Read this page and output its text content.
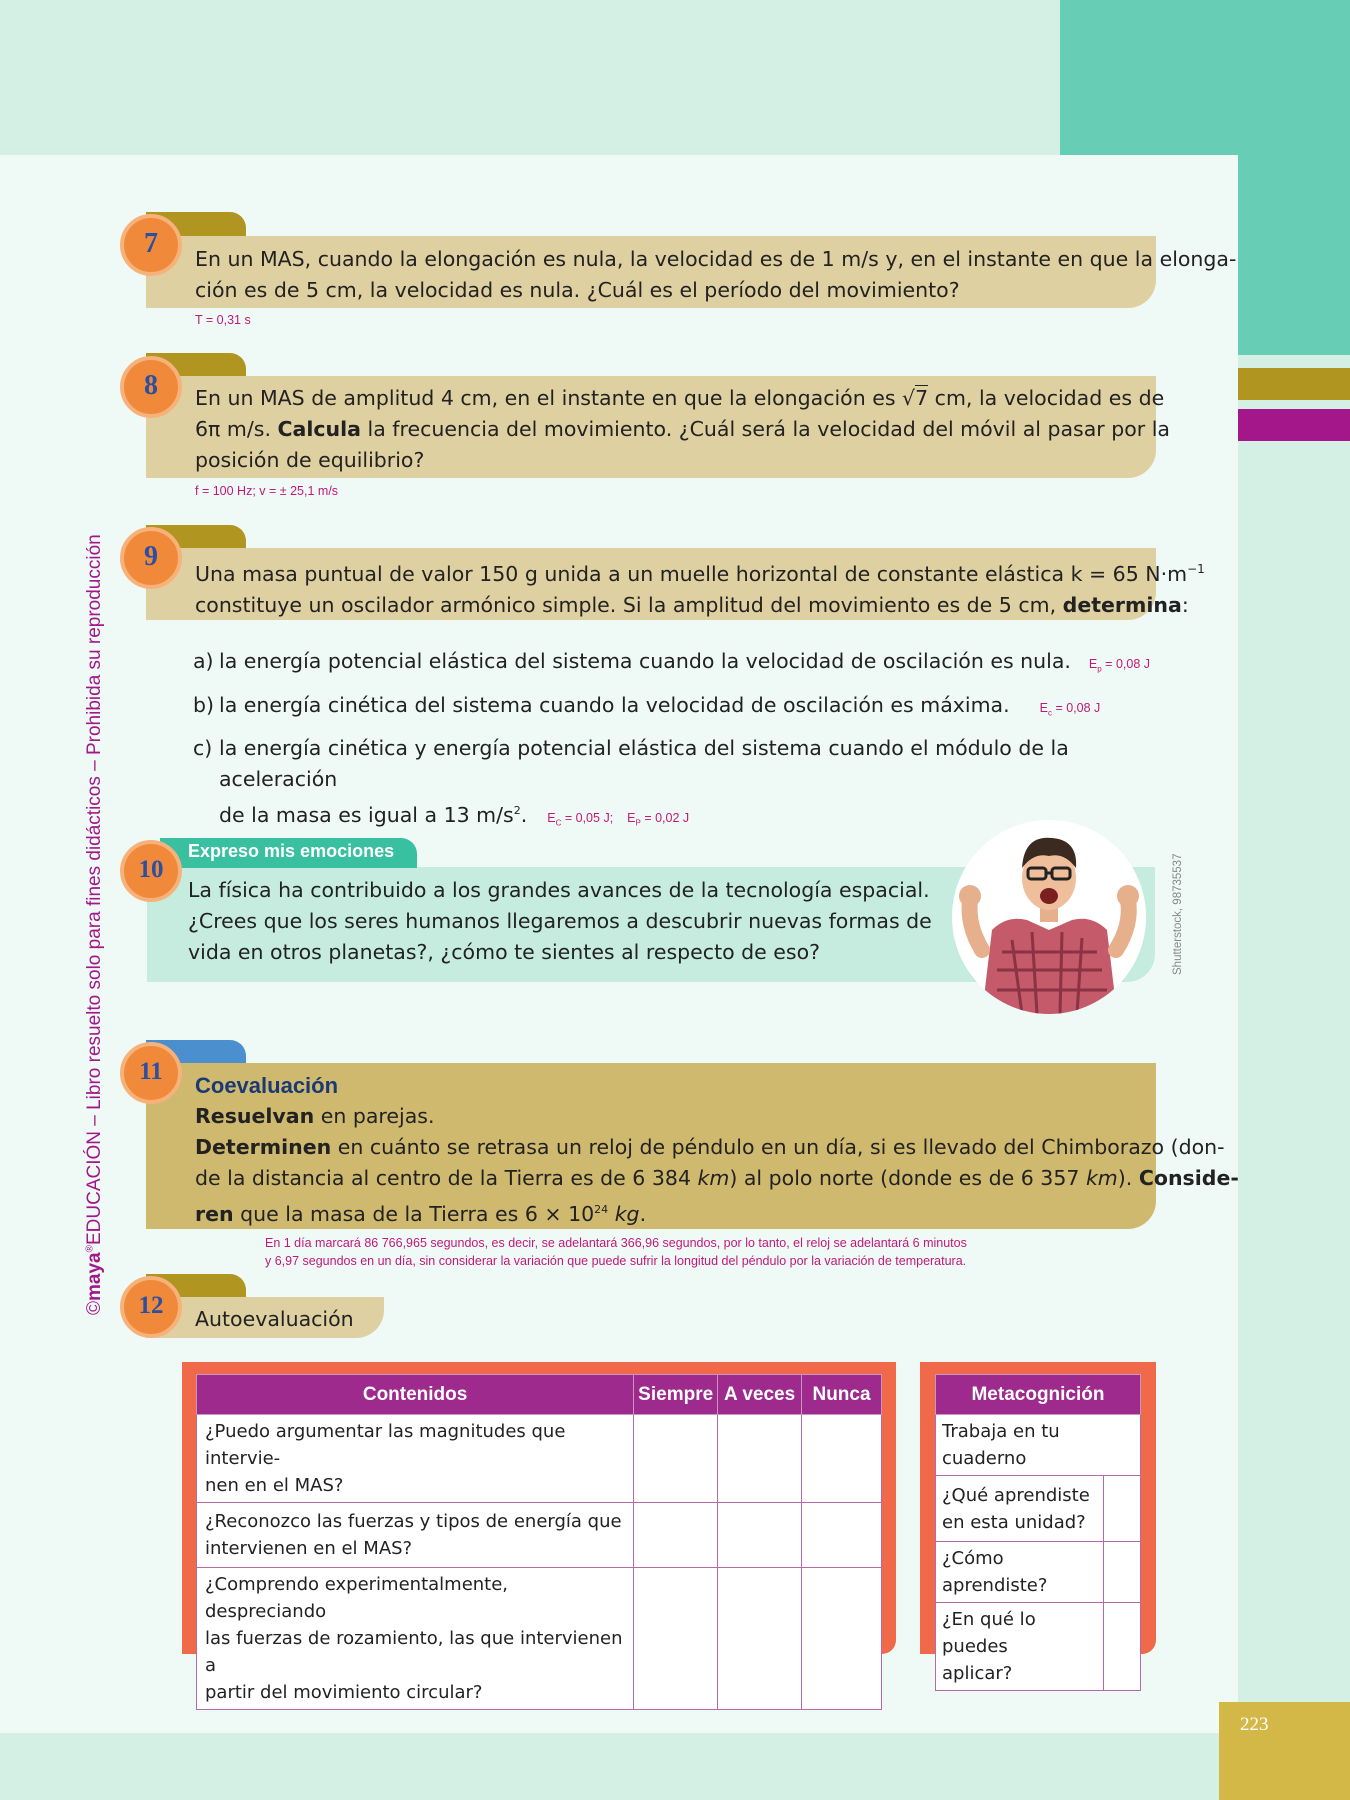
223
©maya®EDUCACIÓN – Libro resuelto solo para fines didácticos – Prohibida su reproducción
7	En un MAS, cuando la elongación es nula, la velocidad es de 1 m/s y, en el instante en que la elonga-
ción es de 5 cm, la velocidad es nula. ¿Cuál es el período del movimiento?
T = 0,31 s
8	En un MAS de amplitud 4 cm, en el instante en que la elongación es √7 cm, la velocidad es de
6π m/s. Calcula la frecuencia del movimiento. ¿Cuál será la velocidad del móvil al pasar por la
posición de equilibrio?
f = 100 Hz; v = ± 25,1 m/s
9
Una masa puntual de valor 150 g unida a un muelle horizontal de constante elástica k = 65 $N\cdot m^{-1}$
constituye un oscilador armónico simple. Si la amplitud del movimiento es de 5 cm, determina:
a) la energía potencial elástica del sistema cuando la velocidad de oscilación es nula. $E_p = 0,08$ J
b) la energía cinética del sistema cuando la velocidad de oscilación es máxima. $E_c = 0,08$ J
c) la energía cinética y energía potencial elástica del sistema cuando el módulo de la aceleración
de la masa es igual a 13 $m/s^2$. $E_C = 0,05$ J; $E_P = 0,02$ J
Expreso mis emociones
10
La física ha contribuido a los grandes avances de la tecnología espacial.
¿Crees que los seres humanos llegaremos a descubrir nuevas formas de
vida en otros planetas?, ¿cómo te sientes al respecto de eso?	Shutterstock, 98735537
11
Coevaluación
Resuelvan en parejas.
Determinen en cuánto se retrasa un reloj de péndulo en un día, si es llevado del Chimborazo (don-
de la distancia al centro de la Tierra es de 6 384 km) al polo norte (donde es de 6 357 km). Conside-
ren que la masa de la Tierra es $6 \times 10^{24}$ kg.
En 1 día marcará 86 766,965 segundos, es decir, se adelantará 366,96 segundos, por lo tanto, el reloj se adelantará 6 minutos
y 6,97 segundos en un día, sin considerar la variación que puede sufrir la longitud del péndulo por la variación de temperatura.
12	Autoevaluación
Contenidos	Siempre	A veces	Nunca

¿Puedo argumentar las magnitudes que intervie-
nen en el MAS?			

¿Reconozco las fuerzas y tipos de energía que
intervienen en el MAS?			

¿Comprendo experimentalmente, despreciando
las fuerzas de rozamiento, las que intervienen a
partir del movimiento circular?			

Metacognición	
Trabaja en tu cuaderno	

¿Qué aprendiste
en esta unidad?	

¿Cómo aprendiste?	

¿En qué lo puedes
aplicar?	
